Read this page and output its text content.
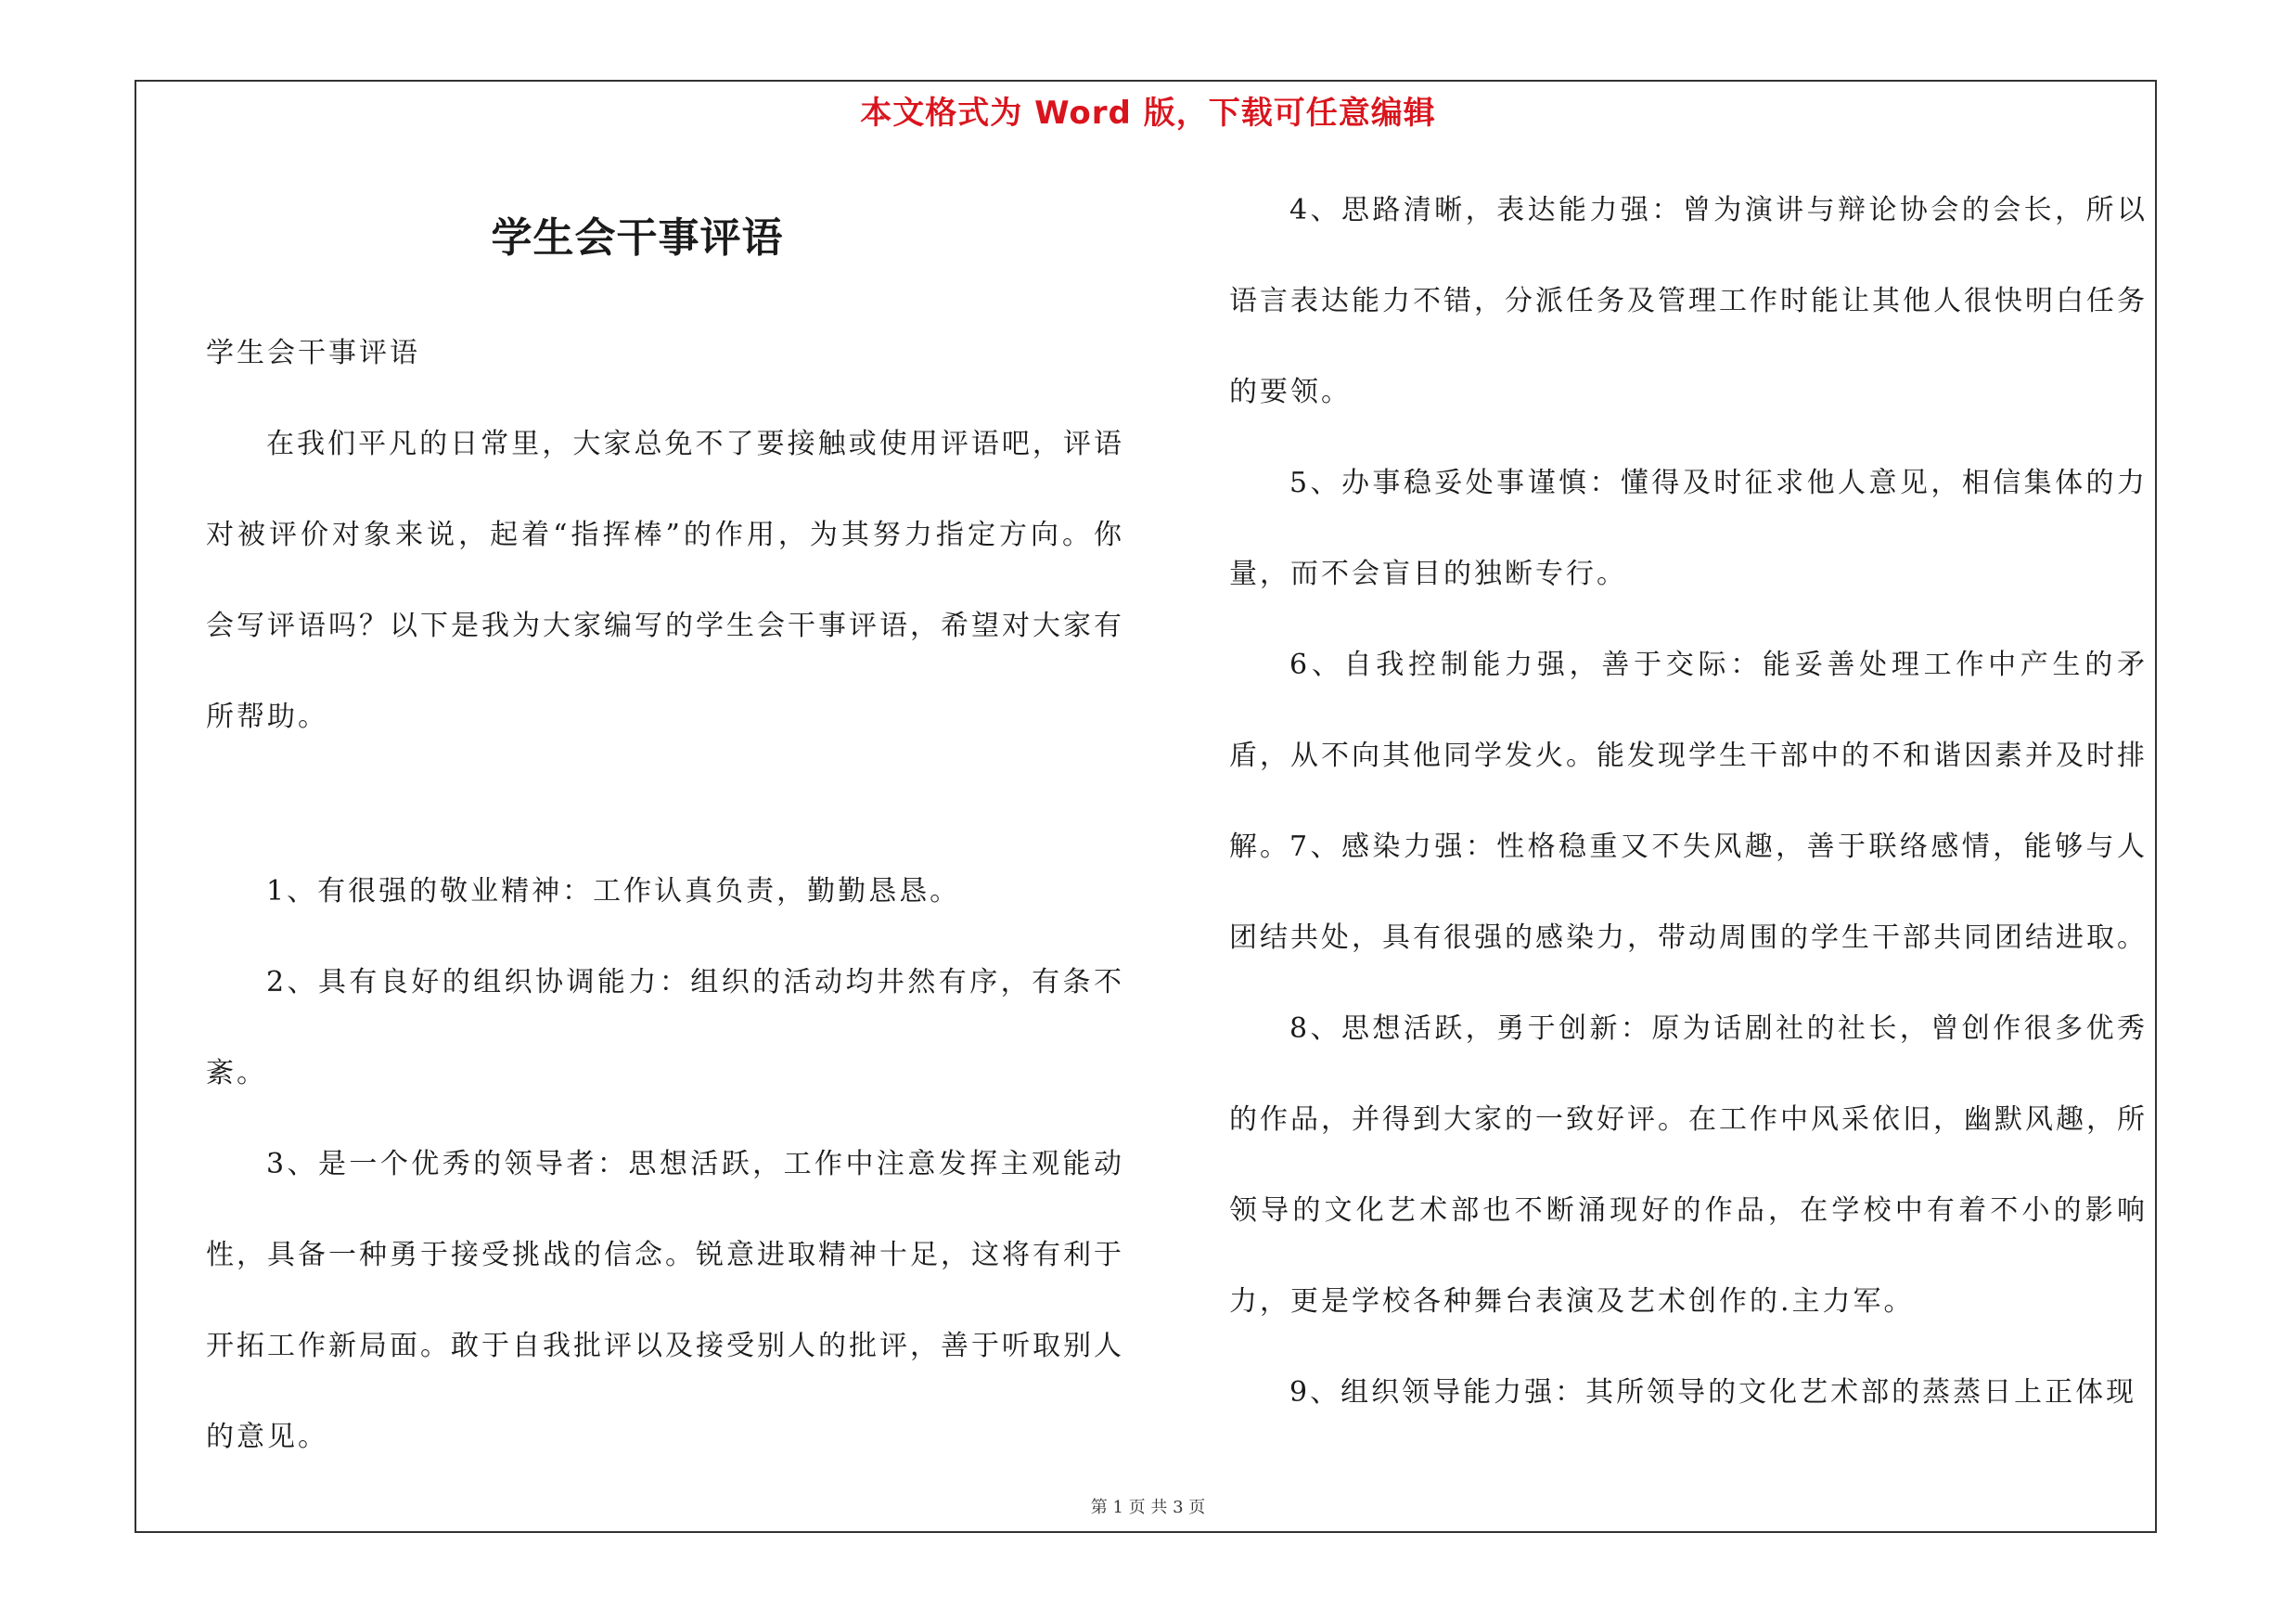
本文格式为 Word 版，下载可任意编辑
学生会干事评语

学生会干事评语

在我们平凡的日常里，大家总免不了要接触或使用评语吧，评语对被评价对象来说，起着“指挥棒”的作用，为其努力指定方向。你会写评语吗？以下是我为大家编写的学生会干事评语，希望对大家有所帮助。

1、有很强的敬业精神：工作认真负责，勤勤恳恳。

2、具有良好的组织协调能力：组织的活动均井然有序，有条不紊。

3、是一个优秀的领导者：思想活跃，工作中注意发挥主观能动性，具备一种勇于接受挑战的信念。锐意进取精神十足，这将有利于开拓工作新局面。敢于自我批评以及接受别人的批评，善于听取别人的意见。

4、思路清晰，表达能力强：曾为演讲与辩论协会的会长，所以语言表达能力不错，分派任务及管理工作时能让其他人很快明白任务的要领。

5、办事稳妥处事谨慎：懂得及时征求他人意见，相信集体的力量，而不会盲目的独断专行。

6、自我控制能力强，善于交际：能妥善处理工作中产生的矛盾，从不向其他同学发火。能发现学生干部中的不和谐因素并及时排解。 7、感染力强：性格稳重又不失风趣，善于联络感情，能够与人团结共处，具有很强的感染力，带动周围的学生干部共同团结进取。

8、思想活跃，勇于创新：原为话剧社的社长，曾创作很多优秀的作品，并得到大家的一致好评。在工作中风采依旧，幽默风趣，所领导的文化艺术部也不断涌现好的作品，在学校中有着不小的影响力，更是学校各种舞台表演及艺术创作的.主力军。

9、组织领导能力强：其所领导的文化艺术部的蒸蒸日上正体现

第 1 页 共 3 页
